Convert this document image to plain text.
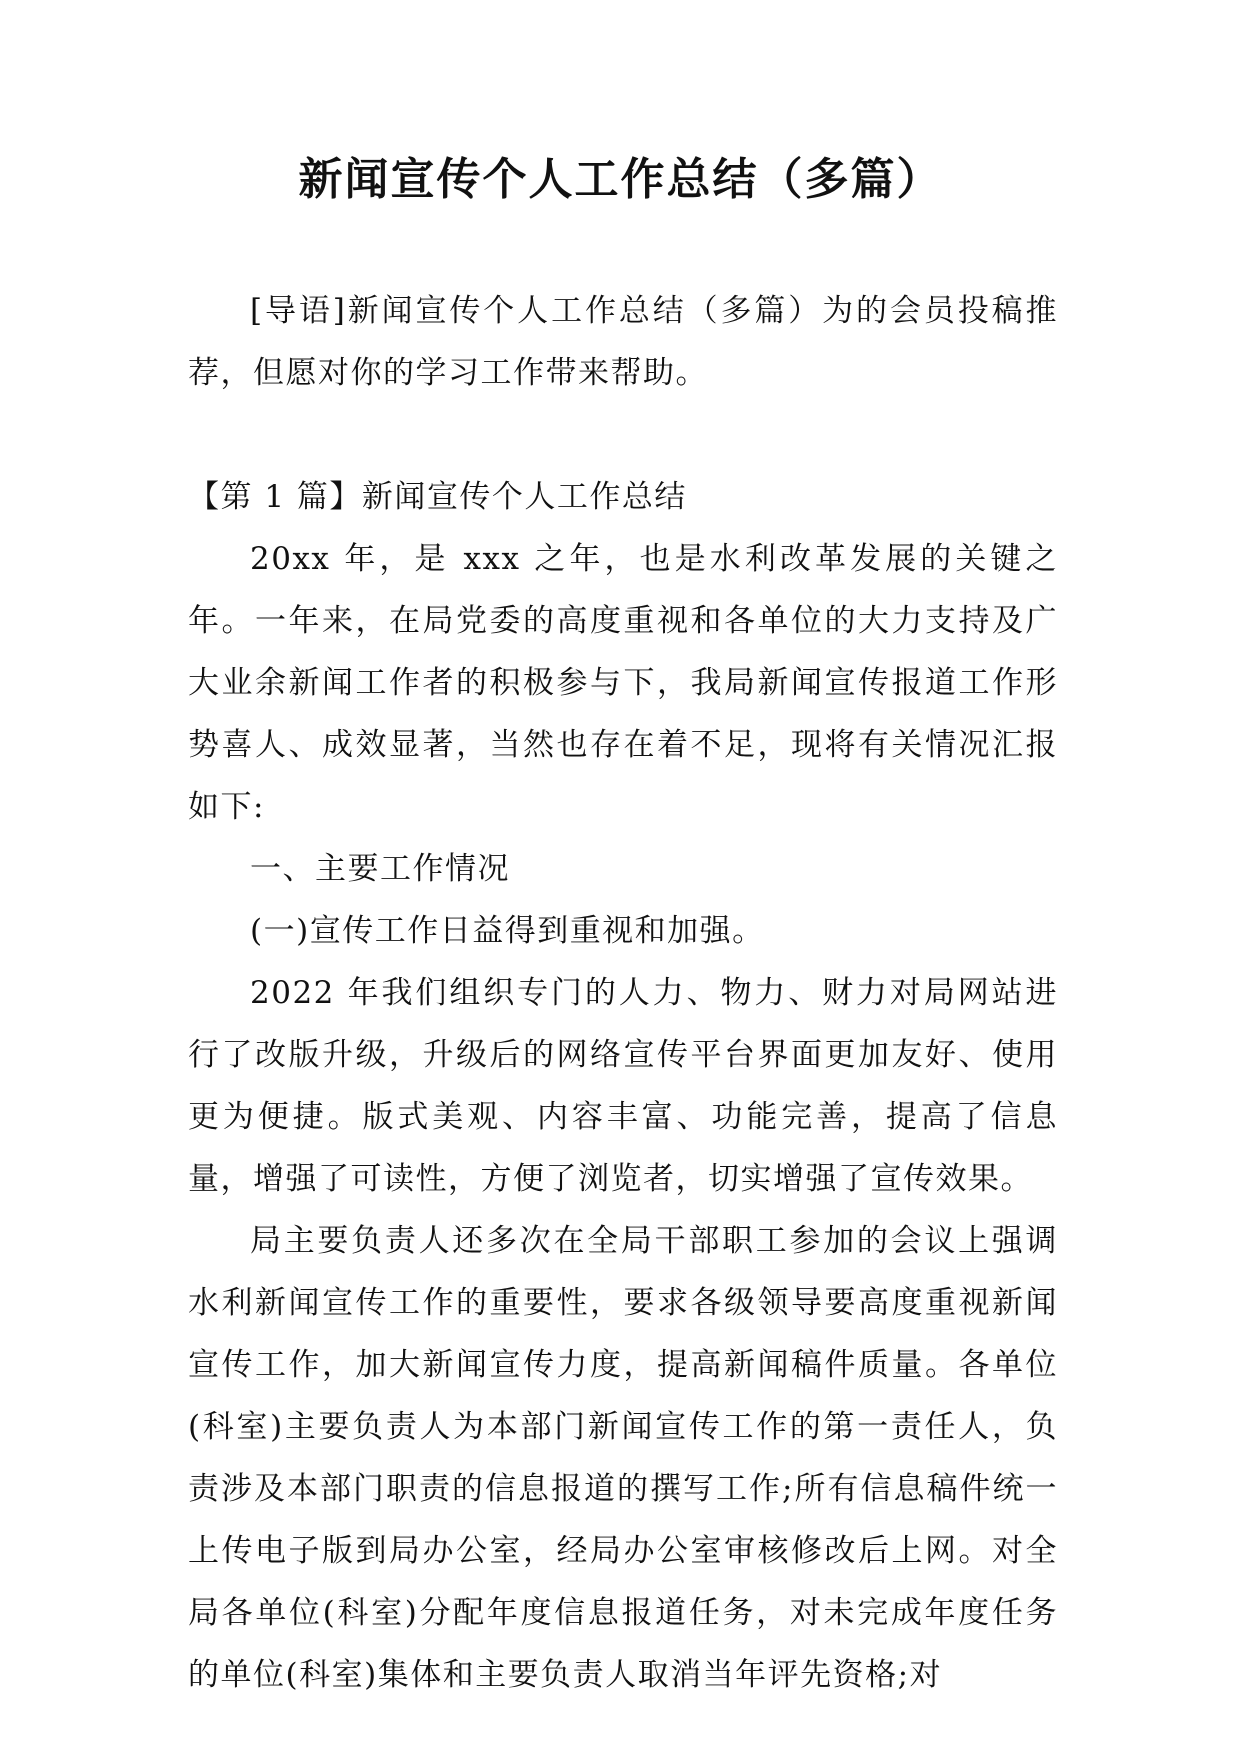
新闻宣传个人工作总结（多篇）

[导语]新闻宣传个人工作总结（多篇）为的会员投稿推荐，但愿对你的学习工作带来帮助。

【第 1 篇】新闻宣传个人工作总结

20xx 年，是 xxx 之年，也是水利改革发展的关键之年。一年来，在局党委的高度重视和各单位的大力支持及广大业余新闻工作者的积极参与下，我局新闻宣传报道工作形势喜人、成效显著，当然也存在着不足，现将有关情况汇报如下:

一、主要工作情况

(一)宣传工作日益得到重视和加强。

2022 年我们组织专门的人力、物力、财力对局网站进行了改版升级，升级后的网络宣传平台界面更加友好、使用更为便捷。版式美观、内容丰富、功能完善，提高了信息量，增强了可读性，方便了浏览者，切实增强了宣传效果。

局主要负责人还多次在全局干部职工参加的会议上强调水利新闻宣传工作的重要性，要求各级领导要高度重视新闻宣传工作，加大新闻宣传力度，提高新闻稿件质量。各单位(科室)主要负责人为本部门新闻宣传工作的第一责任人，负责涉及本部门职责的信息报道的撰写工作;所有信息稿件统一上传电子版到局办公室，经局办公室审核修改后上网。对全局各单位(科室)分配年度信息报道任务，对未完成年度任务的单位(科室)集体和主要负责人取消当年评先资格;对
